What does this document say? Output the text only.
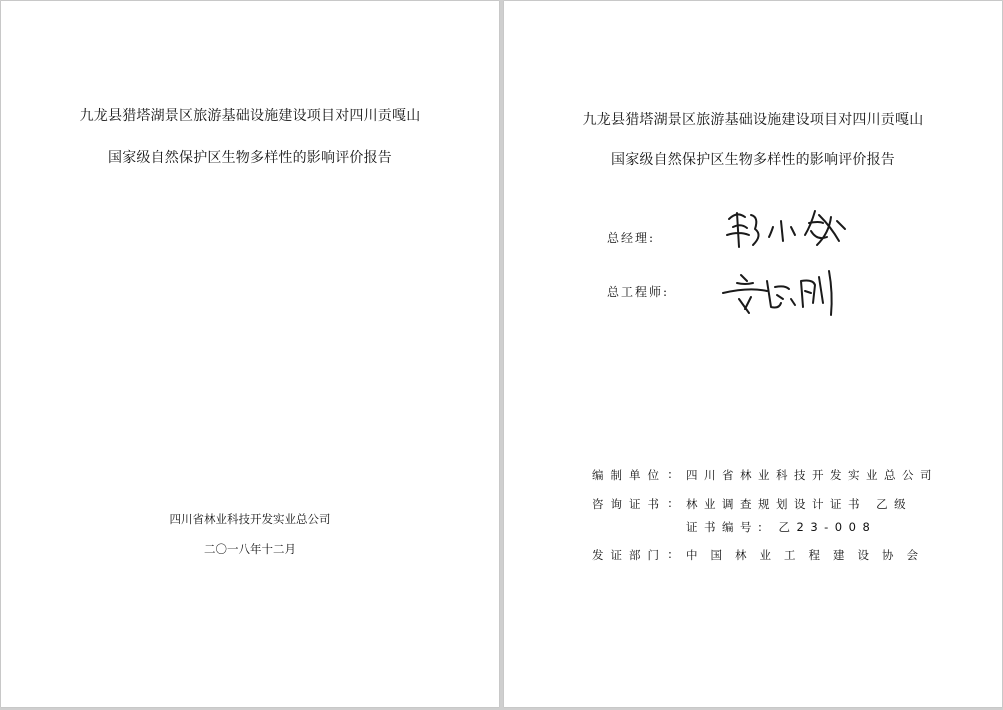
九龙县猎塔湖景区旅游基础设施建设项目对四川贡嘎山
国家级自然保护区生物多样性的影响评价报告
四川省林业科技开发实业总公司
二〇一八年十二月
九龙县猎塔湖景区旅游基础设施建设项目对四川贡嘎山
国家级自然保护区生物多样性的影响评价报告
总经理:
总工程师:
编制单位 : 四川省林业科技开发实业总公司
咨询证书 : 林业调查规划设计证书 乙级
证书编号: 乙23-008
发证部门 : 中国林业工程建设协会
